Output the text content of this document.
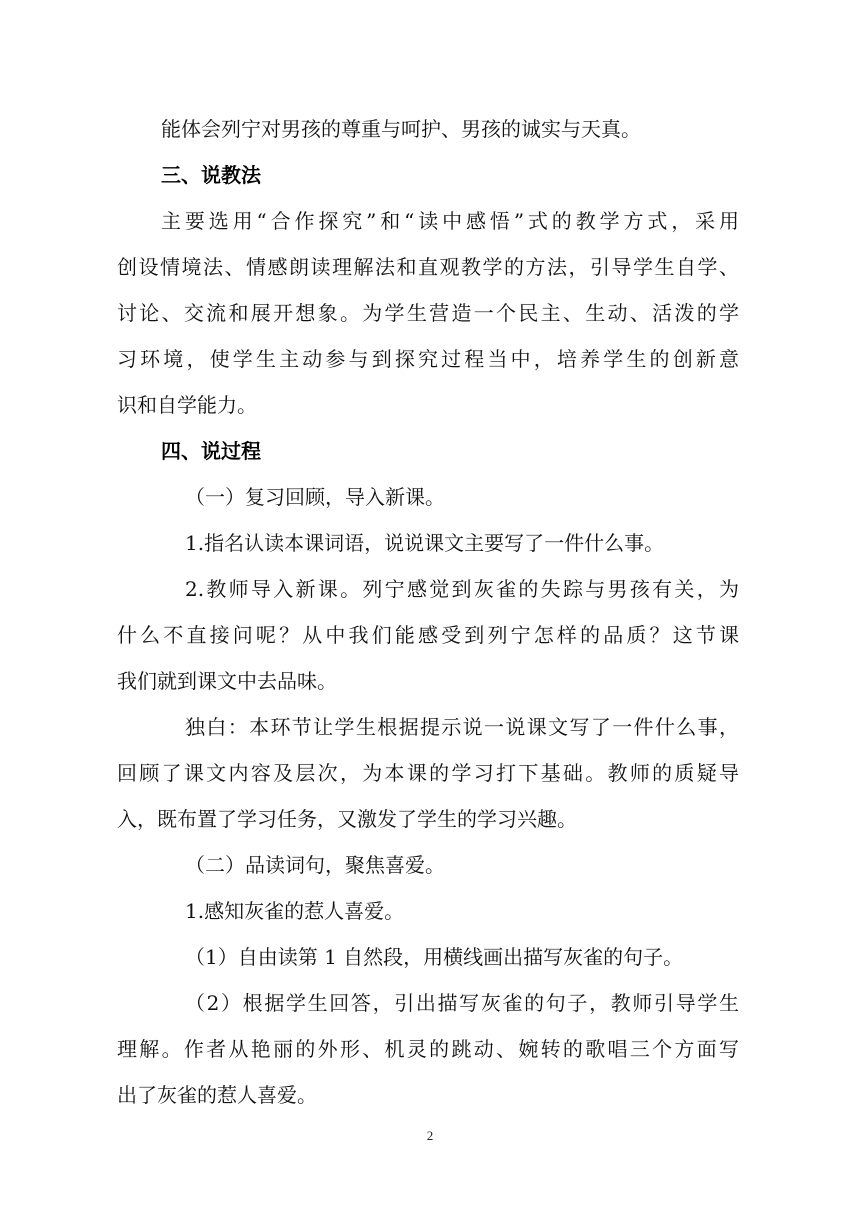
能体会列宁对男孩的尊重与呵护、男孩的诚实与天真。
三、说教法
主要选用“合作探究”和“读中感悟”式的教学方式，采用
创设情境法、情感朗读理解法和直观教学的方法，引导学生自学、
讨论、交流和展开想象。为学生营造一个民主、生动、活泼的学
习环境，使学生主动参与到探究过程当中，培养学生的创新意
识和自学能力。
四、说过程
（一）复习回顾，导入新课。
1.指名认读本课词语，说说课文主要写了一件什么事。
2.教师导入新课。列宁感觉到灰雀的失踪与男孩有关，为
什么不直接问呢？从中我们能感受到列宁怎样的品质？这节课
我们就到课文中去品味。
独白：本环节让学生根据提示说一说课文写了一件什么事，
回顾了课文内容及层次，为本课的学习打下基础。教师的质疑导
入，既布置了学习任务，又激发了学生的学习兴趣。
（二）品读词句，聚焦喜爱。
1.感知灰雀的惹人喜爱。
（1）自由读第 1 自然段，用横线画出描写灰雀的句子。
（2）根据学生回答，引出描写灰雀的句子，教师引导学生
理解。作者从艳丽的外形、机灵的跳动、婉转的歌唱三个方面写
出了灰雀的惹人喜爱。
2
